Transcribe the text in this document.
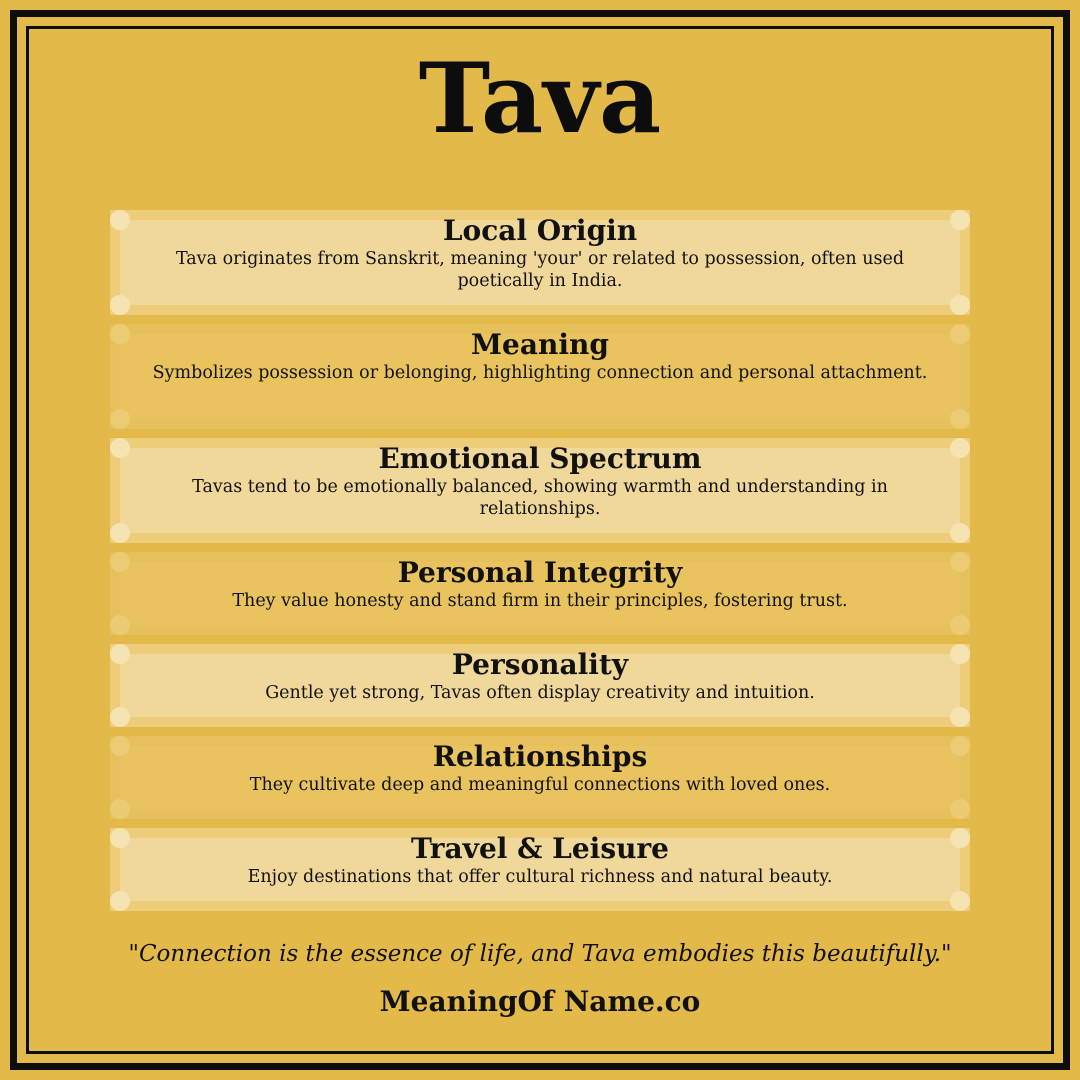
Tava
Local Origin
Tava originates from Sanskrit, meaning 'your' or related to possession, often used poetically in India.
Meaning
Symbolizes possession or belonging, highlighting connection and personal attachment.
Emotional Spectrum
Tavas tend to be emotionally balanced, showing warmth and understanding in relationships.
Personal Integrity
They value honesty and stand firm in their principles, fostering trust.
Personality
Gentle yet strong, Tavas often display creativity and intuition.
Relationships
They cultivate deep and meaningful connections with loved ones.
Travel & Leisure
Enjoy destinations that offer cultural richness and natural beauty.
"Connection is the essence of life, and Tava embodies this beautifully."
MeaningOf Name.co
